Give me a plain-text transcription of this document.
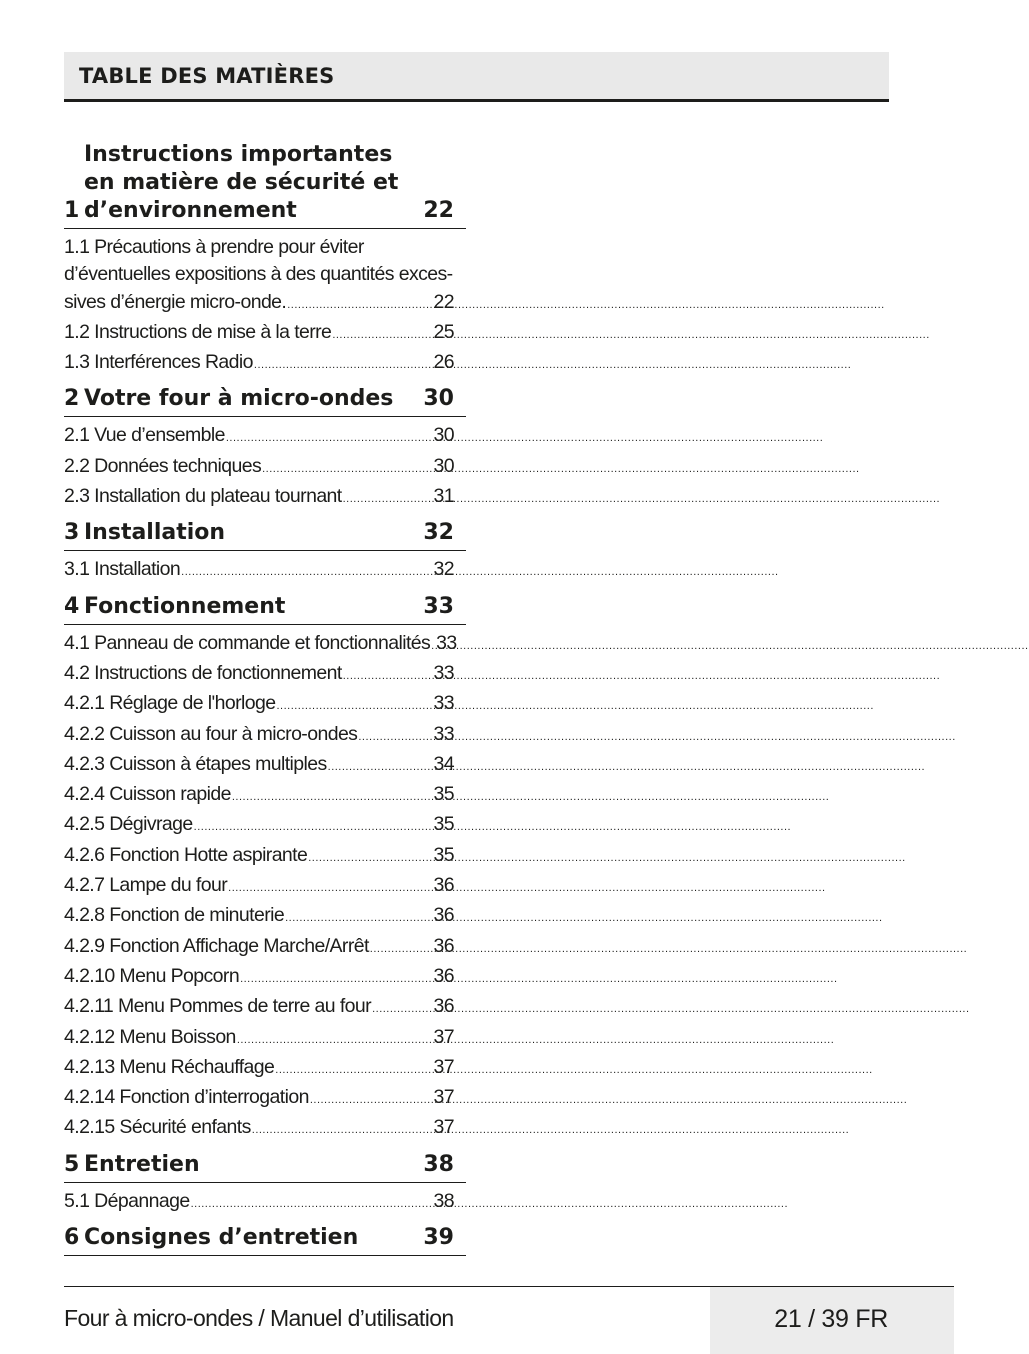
TABLE DES MATIÈRES
1
Instructions importantes
en matière de sécurité et
d’environnement	22
1.1 Précautions à prendre pour éviter
d’éventuelles expositions à des quantités exces-
sives d’énergie micro-onde. .....	22
1.2 Instructions de mise à la terre .....	25
1.3 Interférences Radio .....	26
2 Votre four à micro-ondes	30
2.1 Vue d’ensemble .....	30
2.2 Données techniques .....	30
2.3 Installation du plateau tournant .....	31
3 Installation	32
3.1 Installation .....	32
4 Fonctionnement	33
4.1 Panneau de commande et fonctionnalités ..... 33
4.2 Instructions de fonctionnement .....	33
4.2.1 Réglage de l'horloge .....	33
4.2.2 Cuisson au four à micro-ondes .....	33
4.2.3 Cuisson à étapes multiples .....	34
4.2.4 Cuisson rapide .....	35
4.2.5 Dégivrage .....	35
4.2.6 Fonction Hotte aspirante .....	35
4.2.7 Lampe du four .....	36
4.2.8 Fonction de minuterie .....	36
4.2.9 Fonction Affichage Marche/Arrêt .....	36
4.2.10 Menu Popcorn .....	36
4.2.11 Menu Pommes de terre au four .....	36
4.2.12 Menu Boisson .....	37
4.2.13 Menu Réchauffage .....	37
4.2.14 Fonction d’interrogation .....	37
4.2.15 Sécurité enfants .....	37
5 Entretien	38
5.1 Dépannage .....	38
6 Consignes d’entretien	39
Four à micro-ondes / Manuel d’utilisation	21 / 39 FR
